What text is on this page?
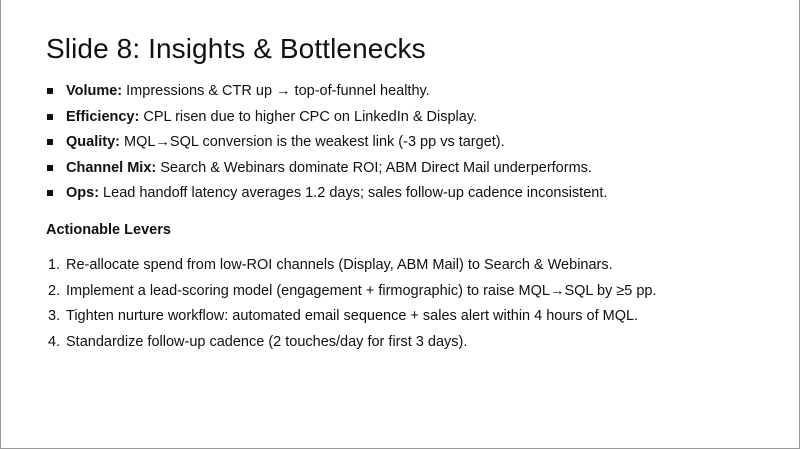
Slide 8: Insights & Bottlenecks
Volume: Impressions & CTR up → top-of-funnel healthy.
Efficiency: CPL risen due to higher CPC on LinkedIn & Display.
Quality: MQL→SQL conversion is the weakest link (-3 pp vs target).
Channel Mix: Search & Webinars dominate ROI; ABM Direct Mail underperforms.
Ops: Lead handoff latency averages 1.2 days; sales follow-up cadence inconsistent.
Actionable Levers
1. Re-allocate spend from low-ROI channels (Display, ABM Mail) to Search & Webinars.
2. Implement a lead-scoring model (engagement + firmographic) to raise MQL→SQL by ≥5 pp.
3. Tighten nurture workflow: automated email sequence + sales alert within 4 hours of MQL.
4. Standardize follow-up cadence (2 touches/day for first 3 days).
